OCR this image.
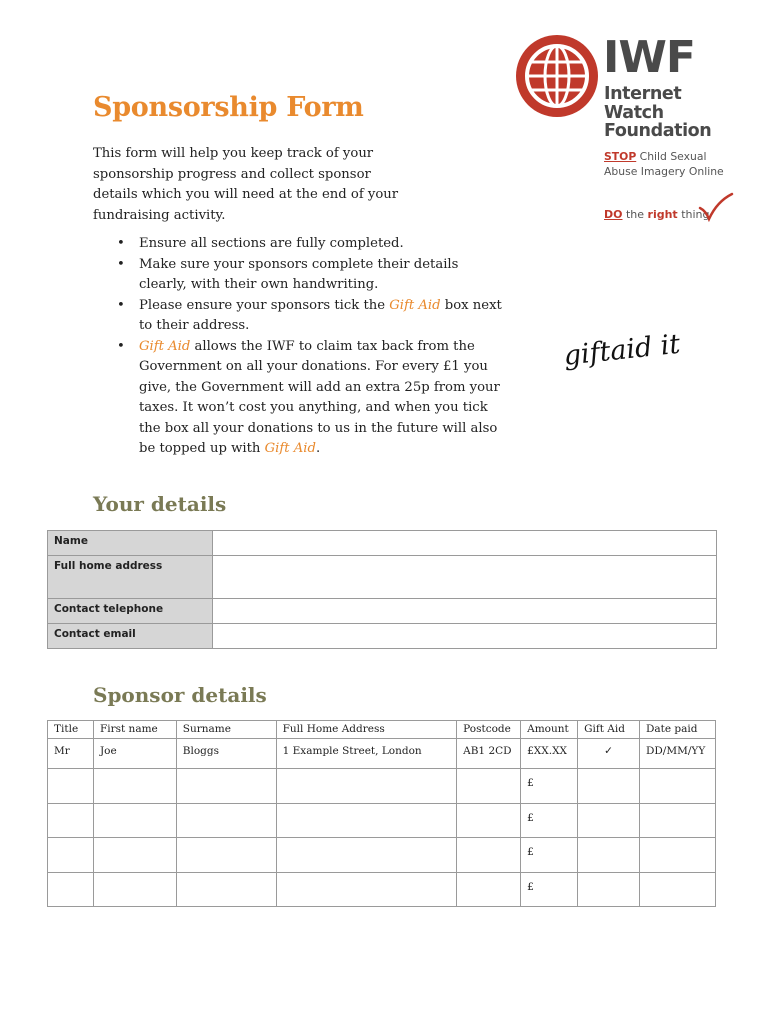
Sponsorship Form

This form will help you keep track of your sponsorship progress and collect sponsor details which you will need at the end of your fundraising activity.

• Ensure all sections are fully completed.
• Make sure your sponsors complete their details clearly, with their own handwriting.
• Please ensure your sponsors tick the Gift Aid box next to their address.
• Gift Aid allows the IWF to claim tax back from the Government on all your donations. For every £1 you give, the Government will add an extra 25p from your taxes. It won’t cost you anything, and when you tick the box all your donations to us in the future will also be topped up with Gift Aid.
IWF
Internet
Watch
Foundation
STOP Child Sexual
Abuse Imagery Online
DO the right thing
giftaid it
Your details
Name	
Full home address	
Contact telephone	
Contact email	
Sponsor details
Title	First name	Surname	Full Home Address	Postcode	Amount	Gift Aid	Date paid
Mr	Joe	Bloggs	1 Example Street, London	AB1 2CD	£XX.XX	✓	DD/MM/YY
					£		
					£		
					£		
					£		
